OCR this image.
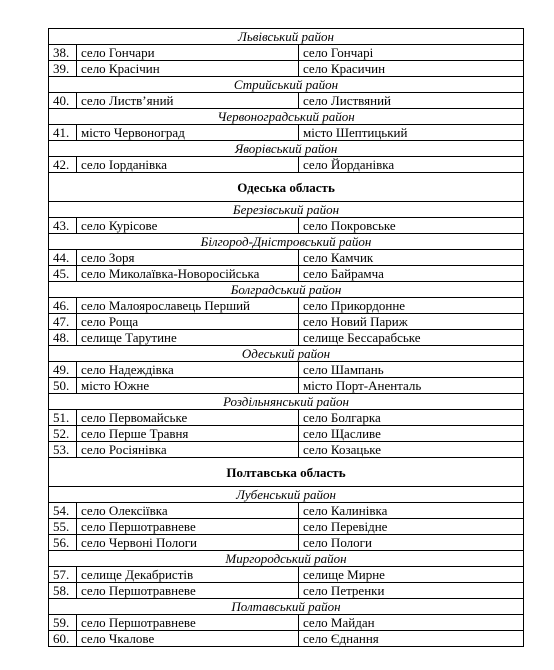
Львівський район		
38.	село Гончари	село Гончарі
39.	село Красічин	село Красичин
Стрийський район		
40.	село Листв’яний	село Листвяний
Червоноградський район		
41.	місто Червоноград	місто Шептицький
Яворівський район		
42.	село Іорданівка	село Йорданівка
Одеська область		
Березівський район		
43.	село Курісове	село Покровське
Білгород-Дністровський район		
44.	село Зоря	село Камчик
45.	село Миколаївка-Новоросійська	село Байрамча
Болградський район		
46.	село Малоярославець Перший	село Прикордонне
47.	село Роща	село Новий Париж
48.	селище Тарутине	селище Бессарабське
Одеський район		
49.	село Надеждівка	село Шампань
50.	місто Южне	місто Порт-Аненталь
Роздільнянський район		
51.	село Первомайське	село Болгарка
52.	село Перше Травня	село Щасливе
53.	село Росіянівка	село Козацьке
Полтавська область		
Лубенський район		
54.	село Олексіївка	село Калинівка
55.	село Першотравневе	село Перевідне
56.	село Червоні Пологи	село Пологи
Миргородський район		
57.	селище Декабристів	селище Мирне
58.	село Першотравневе	село Петренки
Полтавський район		
59.	село Першотравневе	село Майдан
60.	село Чкалове	село Єднання
